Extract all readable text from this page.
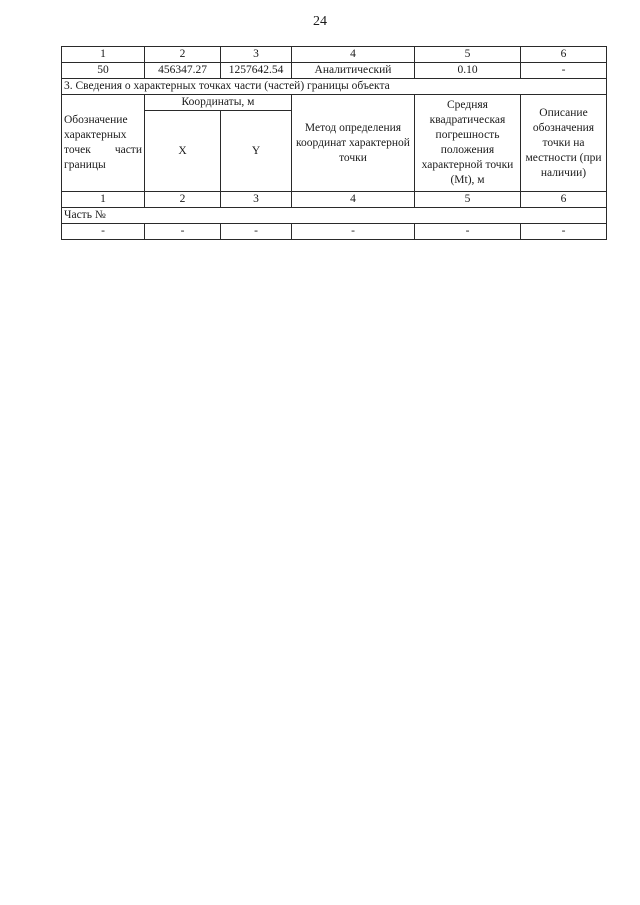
24
1	2	3	4	5	6
50	456347.27	1257642.54	Аналитический	0.10	-
3. Сведения о характерных точках части (частей) границы объекта					
Обозначение характерных точек части границы	Координаты, м		Метод определения координат характерной точки	Средняя квадратическая погрешность положения характерной точки (Mt), м	Описание обозначения точки на местности (при наличии)
	X	Y			
1	2	3	4	5	6
Часть №					
-	-	-	-	-	-
